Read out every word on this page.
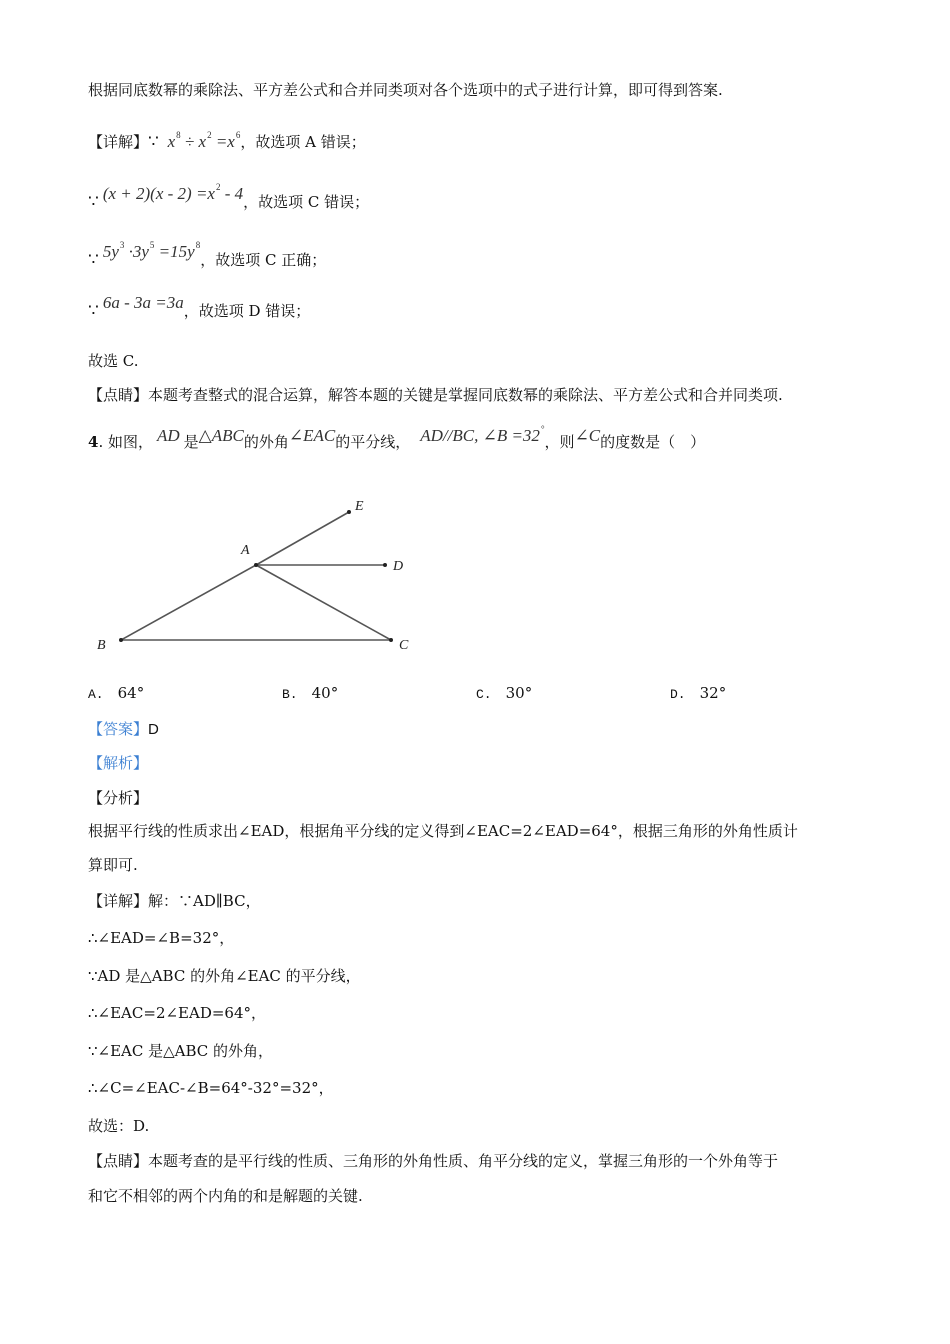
根据同底数幂的乘除法、平方差公式和合并同类项对各个选项中的式子进行计算，即可得到答案.
【详解】∵ $x^8 \div x^2 =x^6$，故选项 A 错误；
∵ $(x + 2)(x - 2) =x^2 - 4$，故选项 C 错误；
∵ $5y^3 \cdot 3y^5 =15y^8$，故选项 C 正确；
∵ 6a - 3a =3a，故选项 D 错误；
故选 C.
【点睛】本题考查整式的混合运算，解答本题的关键是掌握同底数幂的乘除法、平方差公式和合并同类项.
4. 如图， AD 是△ABC的外角∠EAC的平分线， AD//BC, ∠B =32°，则∠C的度数是（　）
A
B	C
D
E
A. 64°	B. 40°	C. 30°	D. 32°
【答案】D
【解析】
【分析】
根据平行线的性质求出∠EAD，根据角平分线的定义得到∠EAC=2∠EAD=64°，根据三角形的外角性质计
算即可.
【详解】解：∵AD∥BC，
∴∠EAD=∠B=32°，
∵AD 是△ABC 的外角∠EAC 的平分线，
∴∠EAC=2∠EAD=64°，
∵∠EAC 是△ABC 的外角，
∴∠C=∠EAC-∠B=64°-32°=32°，
故选：D.
【点睛】本题考查的是平行线的性质、三角形的外角性质、角平分线的定义，掌握三角形的一个外角等于
和它不相邻的两个内角的和是解题的关键.
